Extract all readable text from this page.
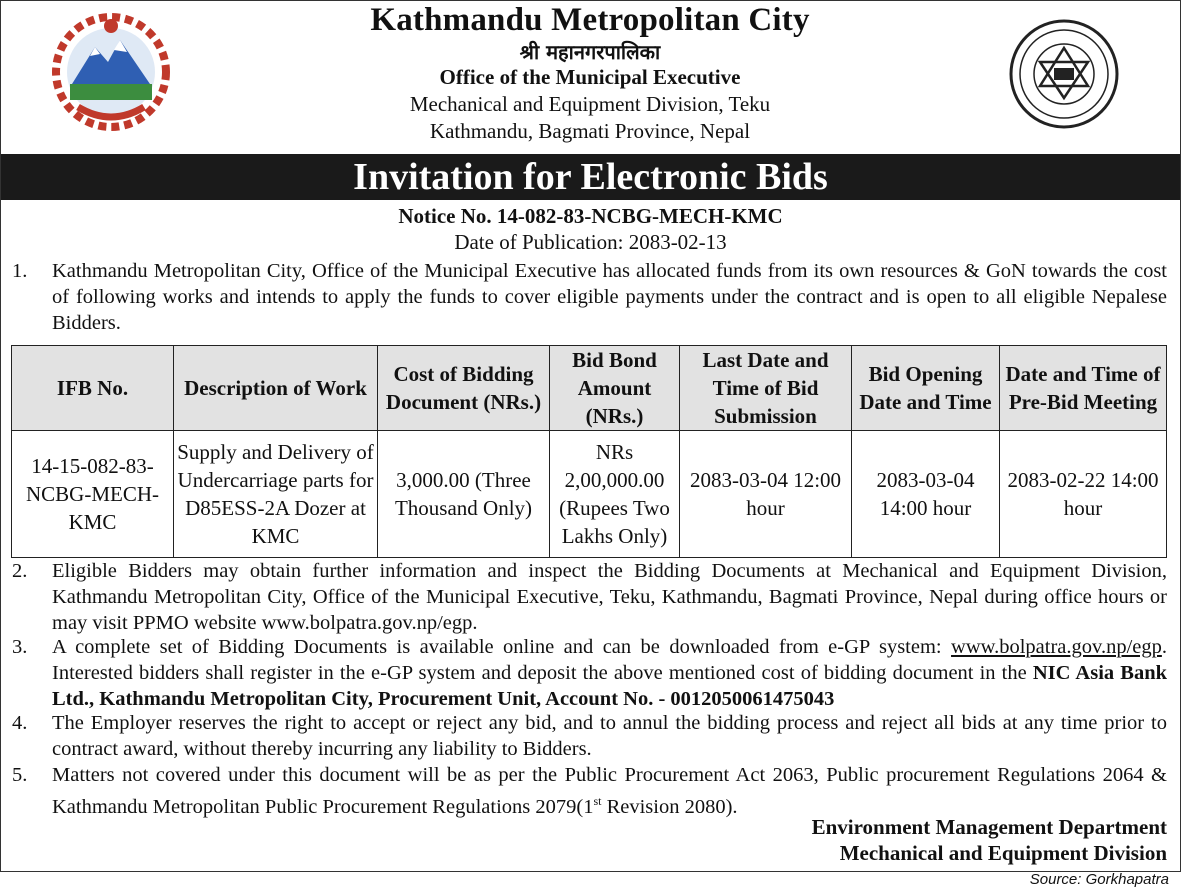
Kathmandu Metropolitan City
श्री महानगरपालिका
Office of the Municipal Executive
Mechanical and Equipment Division, Teku
Kathmandu, Bagmati Province, Nepal
Invitation for Electronic Bids
Notice No. 14-082-83-NCBG-MECH-KMC
Date of Publication: 2083-02-13
1.	Kathmandu Metropolitan City, Office of the Municipal Executive has allocated funds from its own resources & GoN towards the cost of following works and intends to apply the funds to cover eligible payments under the contract and is open to all eligible Nepalese Bidders.
IFB No.	Description of Work	Cost of Bidding Document (NRs.)	Bid Bond Amount (NRs.)	Last Date and Time of Bid Submission	Bid Opening Date and Time	Date and Time of Pre-Bid Meeting
14-15-082-83-NCBG-MECH-KMC	Supply and Delivery of Undercarriage parts for D85ESS-2A Dozer at KMC	3,000.00 (Three Thousand Only)	NRs 2,00,000.00 (Rupees Two Lakhs Only)	2083-03-04 12:00 hour	2083-03-04 14:00 hour	2083-02-22 14:00 hour
2.	Eligible Bidders may obtain further information and inspect the Bidding Documents at Mechanical and Equipment Division, Kathmandu Metropolitan City, Office of the Municipal Executive, Teku, Kathmandu, Bagmati Province, Nepal during office hours or may visit PPMO website www.bolpatra.gov.np/egp.
3.	A complete set of Bidding Documents is available online and can be downloaded from e-GP system: www.bolpatra.gov.np/egp. Interested bidders shall register in the e-GP system and deposit the above mentioned cost of bidding document in the NIC Asia Bank Ltd., Kathmandu Metropolitan City, Procurement Unit, Account No. - 0012050061475043
4.	The Employer reserves the right to accept or reject any bid, and to annul the bidding process and reject all bids at any time prior to contract award, without thereby incurring any liability to Bidders.
5.	Matters not covered under this document will be as per the Public Procurement Act 2063, Public procurement Regulations 2064 & Kathmandu Metropolitan Public Procurement Regulations 2079(1st Revision 2080).
Environment Management Department
Mechanical and Equipment Division
Source: Gorkhapatra
